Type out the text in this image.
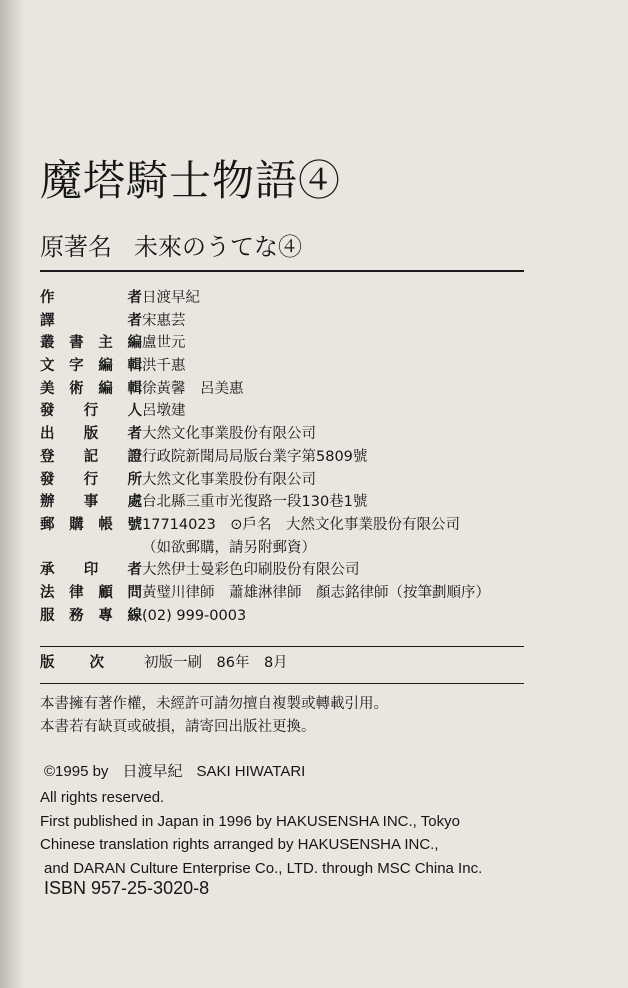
魔塔騎士物語④
原著名 未來のうてな④
作　者 日渡早紀
譯　者 宋惠芸
叢書主編 盧世元
文字編輯 洪千惠
美術編輯 徐黃馨　呂美惠
發行人 呂墩建
出版者 大然文化事業股份有限公司
登記證 行政院新聞局局版台業字第5809號
發行所 大然文化事業股份有限公司
辦事處 台北縣三重市光復路一段130巷1號
郵購帳號 17714023　⊙戶名　大然文化事業股份有限公司
（如欲郵購，請另附郵資）
承印者 大然伊士曼彩色印刷股份有限公司
法律顧問 黃璧川律師　蕭雄淋律師　顏志銘律師（按筆劃順序）
服務專線 (02) 999-0003
版　次	初版一刷　86年　8月
本書擁有著作權，未經許可請勿擅自複製或轉載引用。
本書若有缺頁或破損，請寄回出版社更換。
©1995 by 日渡早紀 SAKI HIWATARI
All rights reserved.
First published in Japan in 1996 by HAKUSENSHA INC., Tokyo
Chinese translation rights arranged by HAKUSENSHA INC.,
and DARAN Culture Enterprise Co., LTD. through MSC China Inc.
ISBN 957-25-3020-8
